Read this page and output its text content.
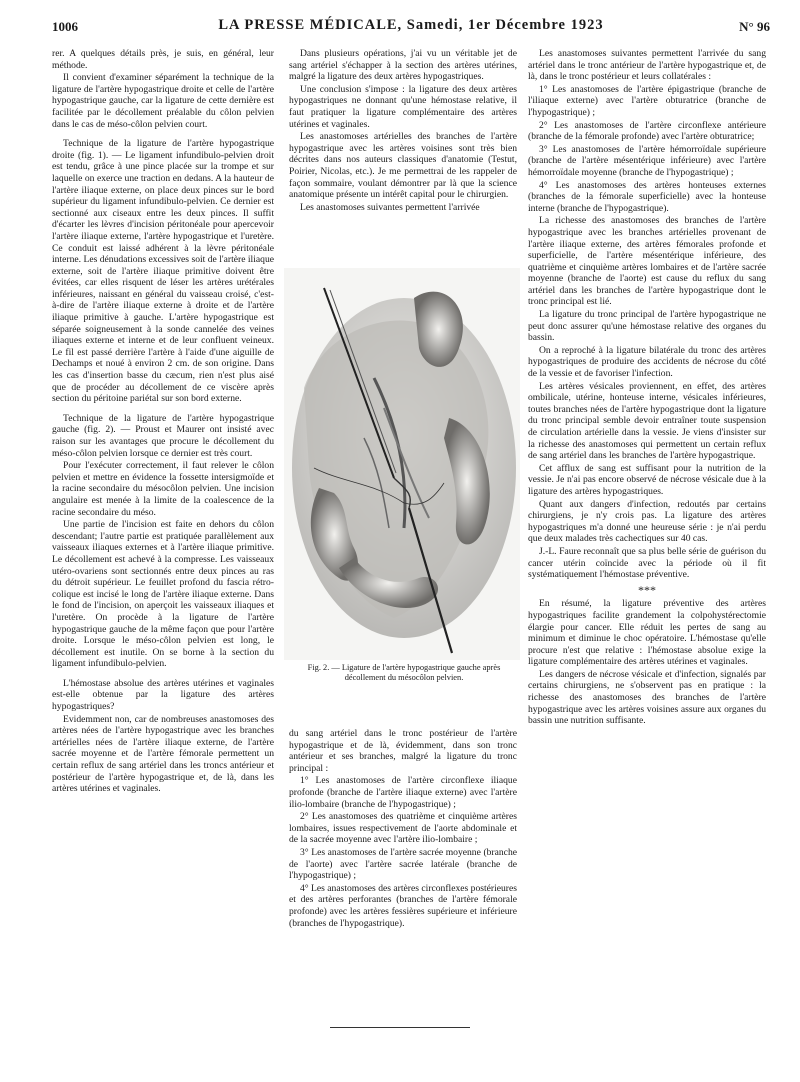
1006	LA PRESSE MÉDICALE, Samedi, 1er Décembre 1923	N° 96

rer. A quelques détails près, je suis, en général, leur méthode.

Il convient d'examiner séparément la technique de la ligature de l'artère hypogastrique droite et celle de l'artère hypogastrique gauche, car la ligature de cette dernière est facilitée par le décollement préalable du côlon pelvien dans le cas de méso-côlon pelvien court.

Technique de la ligature de l'artère hypogastrique droite (fig. 1). — Le ligament infundibulo-pelvien droit est tendu, grâce à une pince placée sur la trompe et sur laquelle on exerce une traction en dedans. A la hauteur de l'artère iliaque externe, on place deux pinces sur le bord supérieur du ligament infundibulo-pelvien. Ce dernier est sectionné aux ciseaux entre les deux pinces. Il suffit d'écarter les lèvres d'incision péritonéale pour apercevoir l'artère iliaque externe, l'artère hypogastrique et l'uretère. Ce conduit est laissé adhérent à la lèvre péritonéale interne. Les dénudations excessives soit de l'artère iliaque externe, soit de l'artère iliaque primitive doivent être évitées, car elles risquent de léser les artères urétérales inférieures, naissant en général du vaisseau croisé, c'est-à-dire de l'artère iliaque externe à droite et de l'artère iliaque primitive à gauche. L'artère hypogastrique est séparée soigneusement à la sonde cannelée des veines iliaques externe et interne et de leur confluent veineux. Le fil est passé derrière l'artère à l'aide d'une aiguille de Dechamps et noué à environ 2 cm. de son origine. Dans les cas d'insertion basse du cæcum, rien n'est plus aisé que de procéder au décollement de ce viscère après section du péritoine pariétal sur son bord externe.

Technique de la ligature de l'artère hypogastrique gauche (fig. 2). — Proust et Maurer ont insisté avec raison sur les avantages que procure le décollement du méso-côlon pelvien lorsque ce dernier est très court.

Pour l'exécuter correctement, il faut relever le côlon pelvien et mettre en évidence la fossette intersigmoïde et la racine secondaire du mésocôlon pelvien. Une incision angulaire est menée à la limite de la coalescence de la racine secondaire du méso.

Une partie de l'incision est faite en dehors du côlon descendant; l'autre partie est pratiquée parallèlement aux vaisseaux iliaques externes et à l'artère iliaque primitive. Le décollement est achevé à la compresse. Les vaisseaux utéro-ovariens sont sectionnés entre deux pinces au ras du détroit supérieur. Le feuillet profond du fascia rétro-colique est incisé le long de l'artère iliaque externe. Dans le fond de l'incision, on aperçoit les vaisseaux iliaques et l'uretère. On procède à la ligature de l'artère hypogastrique gauche de la même façon que pour l'artère droite. Lorsque le méso-côlon pelvien est long, le décollement est inutile. On se borne à la section du ligament infundibulo-pelvien.

L'hémostase absolue des artères utérines et vaginales est-elle obtenue par la ligature des artères hypogastriques?

Evidemment non, car de nombreuses anastomoses des artères nées de l'artère hypogastrique avec les branches artérielles nées de l'artère iliaque externe, de l'artère sacrée moyenne et de l'artère fémorale permettent un certain reflux de sang artériel dans les troncs antérieur et postérieur de l'artère hypogastrique et, de là, dans les artères utérines et vaginales.

Dans plusieurs opérations, j'ai vu un véritable jet de sang artériel s'échapper à la section des artères utérines, malgré la ligature des deux artères hypogastriques.

Une conclusion s'impose : la ligature des deux artères hypogastriques ne donnant qu'une hémostase relative, il faut pratiquer la ligature complémentaire des artères utérines et vaginales.

Les anastomoses artérielles des branches de l'artère hypogastrique avec les artères voisines sont très bien décrites dans nos auteurs classiques d'anatomie (Testut, Poirier, Nicolas, etc.). Je me permettrai de les rappeler de façon sommaire, voulant démontrer par là que la science anatomique présente un intérêt capital pour le chirurgien.

Les anastomoses suivantes permettent l'arrivée

Fig. 2. — Ligature de l'artère hypogastrique gauche après décollement du mésocôlon pelvien.

du sang artériel dans le tronc postérieur de l'artère hypogastrique et de là, évidemment, dans son tronc antérieur et ses branches, malgré la ligature du tronc principal :

1° Les anastomoses de l'artère circonflexe iliaque profonde (branche de l'artère iliaque externe) avec l'artère ilio-lombaire (branche de l'hypogastrique) ;

2° Les anastomoses des quatrième et cinquième artères lombaires, issues respectivement de l'aorte abdominale et de la sacrée moyenne avec l'artère ilio-lombaire ;

3° Les anastomoses de l'artère sacrée moyenne (branche de l'aorte) avec l'artère sacrée latérale (branche de l'hypogastrique) ;

4° Les anastomoses des artères circonflexes postérieures et des artères perforantes (branches de l'artère fémorale profonde) avec les artères fessières supérieure et inférieure (branches de l'hypogastrique).

Les anastomoses suivantes permettent l'arrivée du sang artériel dans le tronc antérieur de l'artère hypogastrique et, de là, dans le tronc postérieur et leurs collatérales :

1° Les anastomoses de l'artère épigastrique (branche de l'iliaque externe) avec l'artère obturatrice (branche de l'hypogastrique) ;

2° Les anastomoses de l'artère circonflexe antérieure (branche de la fémorale profonde) avec l'artère obturatrice;

3° Les anastomoses de l'artère hémorroïdale supérieure (branche de l'artère mésentérique inférieure) avec l'artère hémorroïdale moyenne (branche de l'hypogastrique) ;

4° Les anastomoses des artères honteuses externes (branches de la fémorale superficielle) avec la honteuse interne (branche de l'hypogastrique).

La richesse des anastomoses des branches de l'artère hypogastrique avec les branches artérielles provenant de l'artère iliaque externe, des artères fémorales profonde et superficielle, de l'artère mésentérique inférieure, des quatrième et cinquième artères lombaires et de l'artère sacrée moyenne (branche de l'aorte) est cause du reflux du sang artériel dans les branches de l'artère hypogastrique dont le tronc principal est lié.

La ligature du tronc principal de l'artère hypogastrique ne peut donc assurer qu'une hémostase relative des organes du bassin.

On a reproché à la ligature bilatérale du tronc des artères hypogastriques de produire des accidents de nécrose du côté de la vessie et de favoriser l'infection.

Les artères vésicales proviennent, en effet, des artères ombilicale, utérine, honteuse interne, vésicales inférieures, toutes branches nées de l'artère hypogastrique dont la ligature du tronc principal semble devoir entraîner toute suspension de circulation artérielle dans la vessie. Je viens d'insister sur la richesse des anastomoses qui permettent un certain reflux de sang artériel dans les branches de l'artère hypogastrique.

Cet afflux de sang est suffisant pour la nutrition de la vessie. Je n'ai pas encore observé de nécrose vésicale due à la ligature des artères hypogastriques.

Quant aux dangers d'infection, redoutés par certains chirurgiens, je n'y crois pas. La ligature des artères hypogastriques m'a donné une heureuse série : je n'ai perdu que deux malades très cachectiques sur 40 cas.

J.-L. Faure reconnaît que sa plus belle série de guérison du cancer utérin coïncide avec la période où il fit systématiquement l'hémostase préventive.

***

En résumé, la ligature préventive des artères hypogastriques facilite grandement la colpohystérectomie élargie pour cancer. Elle réduit les pertes de sang au minimum et diminue le choc opératoire. L'hémostase qu'elle procure n'est que relative : l'hémostase absolue exige la ligature complémentaire des artères utérines et vaginales.

Les dangers de nécrose vésicale et d'infection, signalés par certains chirurgiens, ne s'observent pas en pratique : la richesse des anastomoses des branches de l'artère hypogastrique avec les artères voisines assure aux organes du bassin une nutrition suffisante.
